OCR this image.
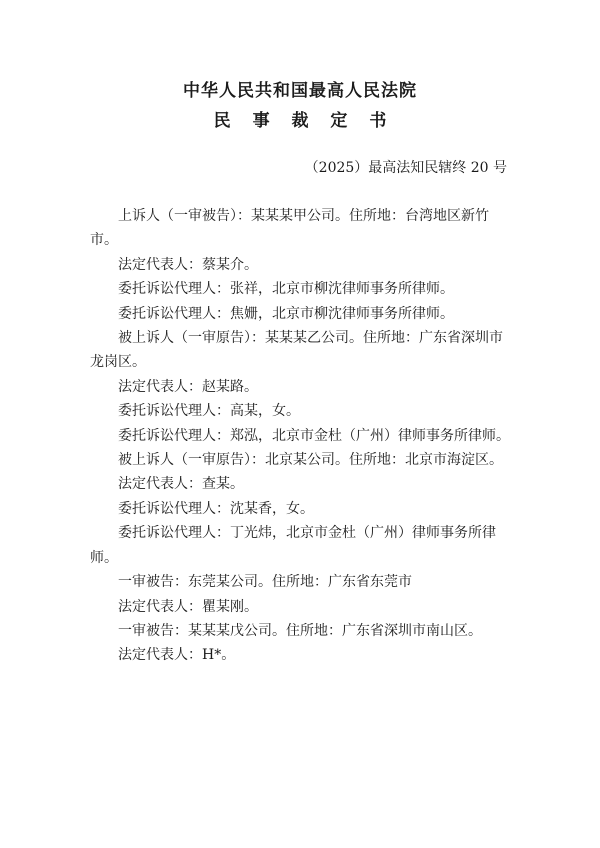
中华人民共和国最高人民法院
民 事 裁 定 书
（2025）最高法知民辖终 20 号

上诉人（一审被告）：某某某甲公司。住所地：台湾地区新竹市。

法定代表人：蔡某介。

委托诉讼代理人：张祥，北京市柳沈律师事务所律师。

委托诉讼代理人：焦姗，北京市柳沈律师事务所律师。

被上诉人（一审原告）：某某某乙公司。住所地：广东省深圳市龙岗区。

法定代表人：赵某路。

委托诉讼代理人：高某，女。

委托诉讼代理人：郑泓，北京市金杜（广州）律师事务所律师。

被上诉人（一审原告）：北京某公司。住所地：北京市海淀区。

法定代表人：查某。

委托诉讼代理人：沈某香，女。

委托诉讼代理人：丁光炜，北京市金杜（广州）律师事务所律师。

一审被告：东莞某公司。住所地：广东省东莞市

法定代表人：瞿某刚。

一审被告：某某某戊公司。住所地：广东省深圳市南山区。

法定代表人：H*。
